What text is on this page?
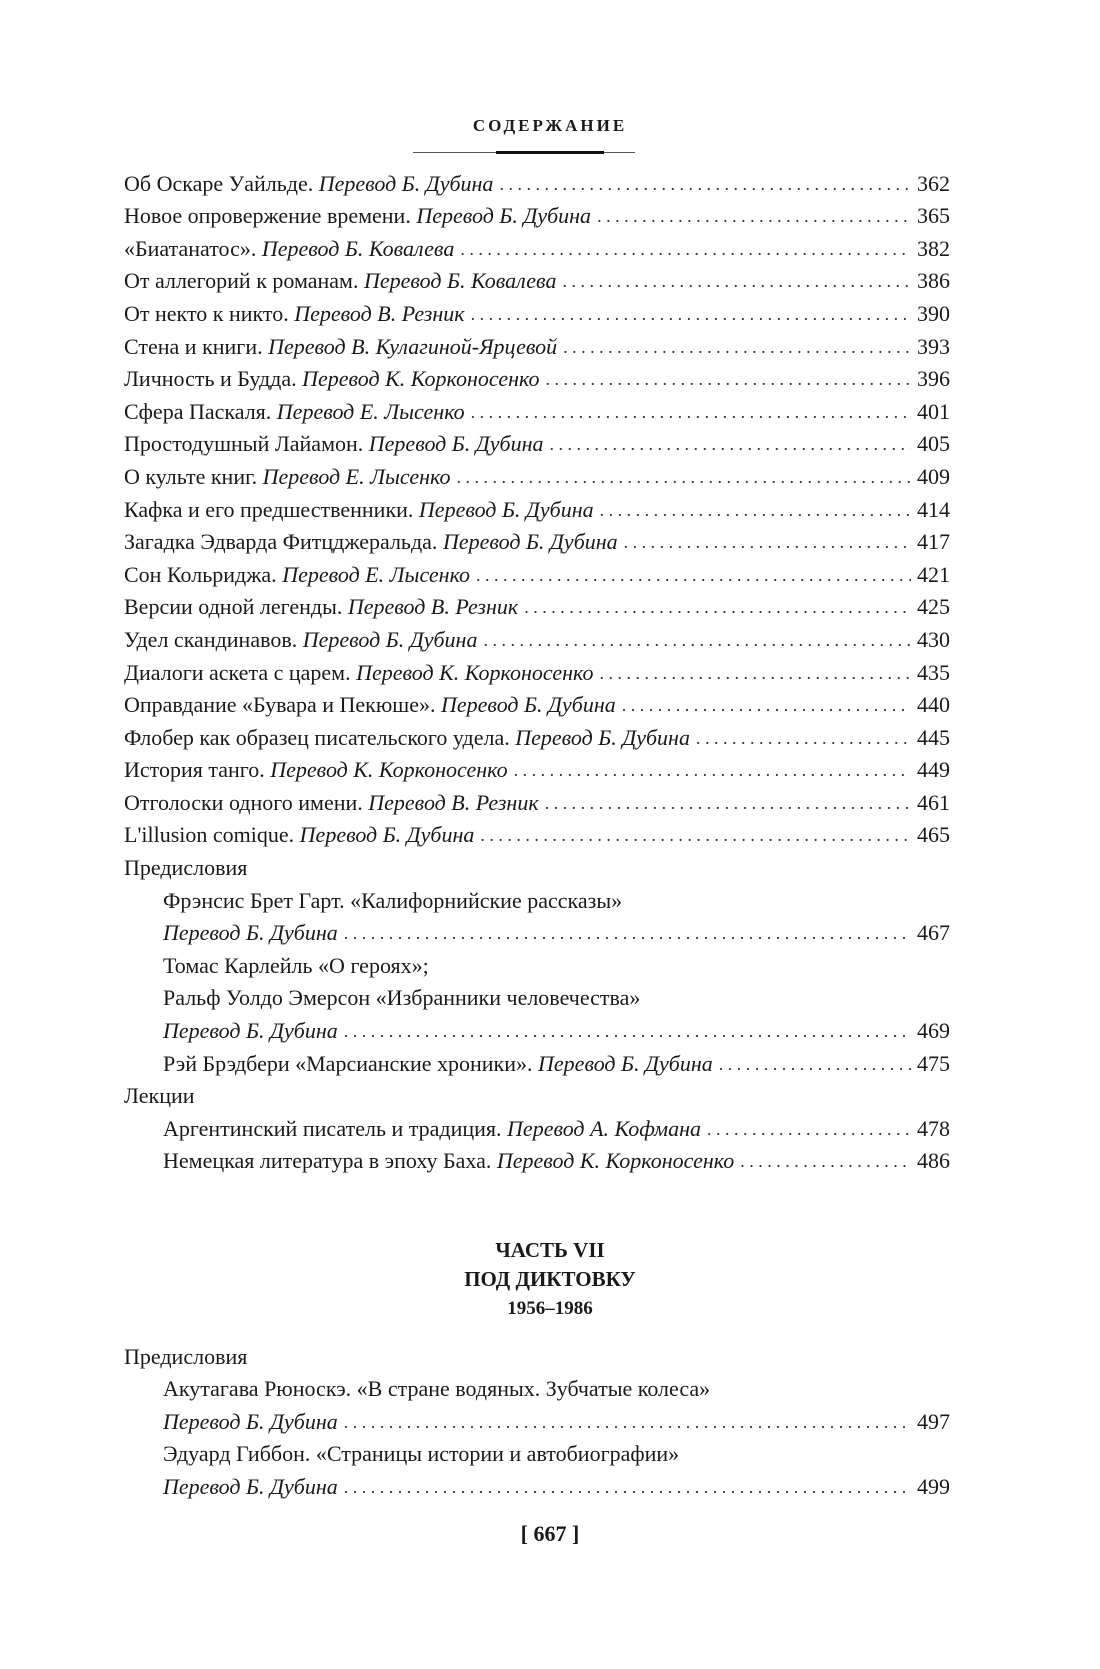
СОДЕРЖАНИЕ
Об Оскаре Уайльде. Перевод Б. Дубина . . .	362
Новое опровержение времени. Перевод Б. Дубина . . .	365
«Биатанатос». Перевод Б. Ковалева . . .	382
От аллегорий к романам. Перевод Б. Ковалева . . .	386
От некто к никто. Перевод В. Резник . . .	390
Стена и книги. Перевод В. Кулагиной-Ярцевой . . .	393
Личность и Будда. Перевод К. Корконосенко . . .	396
Сфера Паскаля. Перевод Е. Лысенко . . .	401
Простодушный Лайамон. Перевод Б. Дубина . . .	405
О культе книг. Перевод Е. Лысенко . . .	409
Кафка и его предшественники. Перевод Б. Дубина . . .	414
Загадка Эдварда Фитцджеральда. Перевод Б. Дубина . . .	417
Сон Кольриджа. Перевод Е. Лысенко . . .	421
Версии одной легенды. Перевод В. Резник . . .	425
Удел скандинавов. Перевод Б. Дубина . . .	430
Диалоги аскета с царем. Перевод К. Корконосенко . . .	435
Оправдание «Бувара и Пекюше». Перевод Б. Дубина . . .	440
Флобер как образец писательского удела. Перевод Б. Дубина . . .	445
История танго. Перевод К. Корконосенко . . .	449
Отголоски одного имени. Перевод В. Резник . . .	461
L'illusion comique. Перевод Б. Дубина . . .	465
Предисловия
Фрэнсис Брет Гарт. «Калифорнийские рассказы»
Перевод Б. Дубина . . .	467
Томас Карлейль «О героях»;
Ральф Уолдо Эмерсон «Избранники человечества»
Перевод Б. Дубина . . .	469
Рэй Брэдбери «Марсианские хроники». Перевод Б. Дубина . . .	475
Лекции
Аргентинский писатель и традиция. Перевод А. Кофмана . . .	478
Немецкая литература в эпоху Баха. Перевод К. Корконосенко . . .	486
ЧАСТЬ VII
ПОД ДИКТОВКУ
1956–1986
Предисловия
Акутагава Рюноскэ. «В стране водяных. Зубчатые колеса»
Перевод Б. Дубина . . .	497
Эдуард Гиббон. «Страницы истории и автобиографии»
Перевод Б. Дубина . . .	499
[ 667 ]
